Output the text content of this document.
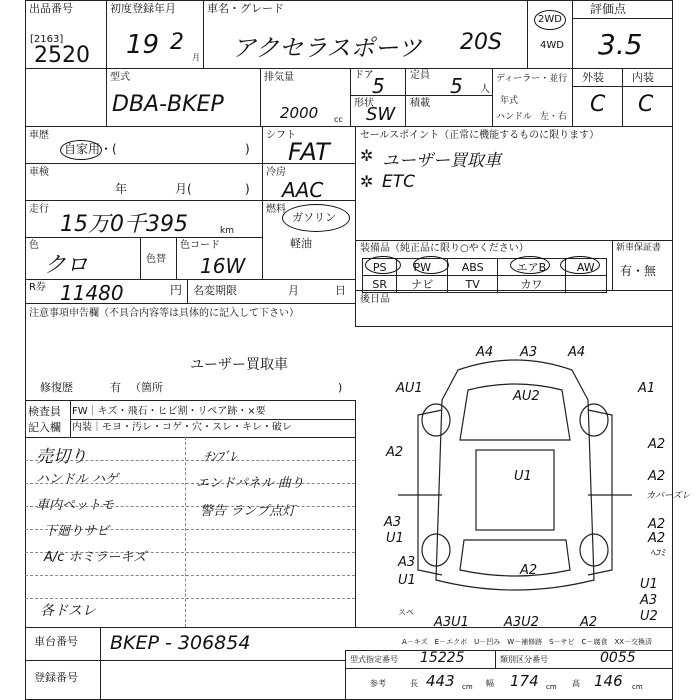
出品番号
[2163]
2520
初度登録年月
19 2
月
車名・グレード
アクセラスポーツ 20S
2WD
4WD
評価点
3.5
型式
DBA-BKEP
排気量
2000 cc
ドア
5	定員 5 人
形状
SW
積載
ディーラー・並行
年式
ハンドル 左・右
外装	内装
C C
車歴
自家用・(	)
車検
年	月(	)
走行
15万0千395	km
色
クロ	色替
色コード
16W
シフト
FAT
冷房
AAC
燃料
ガソリン
軽油
R券 11480	円 名変期限	月	日
セールスポイント（正常に機能するものに限ります）
✲ ユーザー買取車
✲ ETC
装備品（純正品に限り○やください）	新車保証書
有・無
PS	PW	ABS	エアB	AW
SR	ナビ	TV	カワ	
後日品
注意事項申告欄（不具合内容等は具体的に記入して下さい）
ユーザー買取車
修復歴	有 （箇所	)
検査員
記入欄
FW｜キズ・飛石・ヒビ割・リペア跡・×要
内装｜モヨ・汚レ・コゲ・穴・スレ・キレ・破レ
売切り
ハンドル ハゲ
車内ペットモ
下廻りサビ
A/c ホミラーキズ
各ドスレ
ﾁﾝﾌﾞﾚ
エンドパネル 曲り
警告 ランプ点灯
A4 A3 A4
AU1
AU2
A1
A2
A2
U1	A2
カバーズレ
A3
U1
A2
A3
A2
U1
A2
ﾍｺﾐ
U1
A3
U2
A3U1	A3U2	A2
スペ
A－キズ　E－エクボ　U－凹み　W－補修跡　S－サビ　C－腐食　XX－交換済
車台番号 BKEP - 306854
登録番号
型式指定番号 15225	類別区分番号	0055
参考	長 443 cm 幅 174 cm 高 146 cm
